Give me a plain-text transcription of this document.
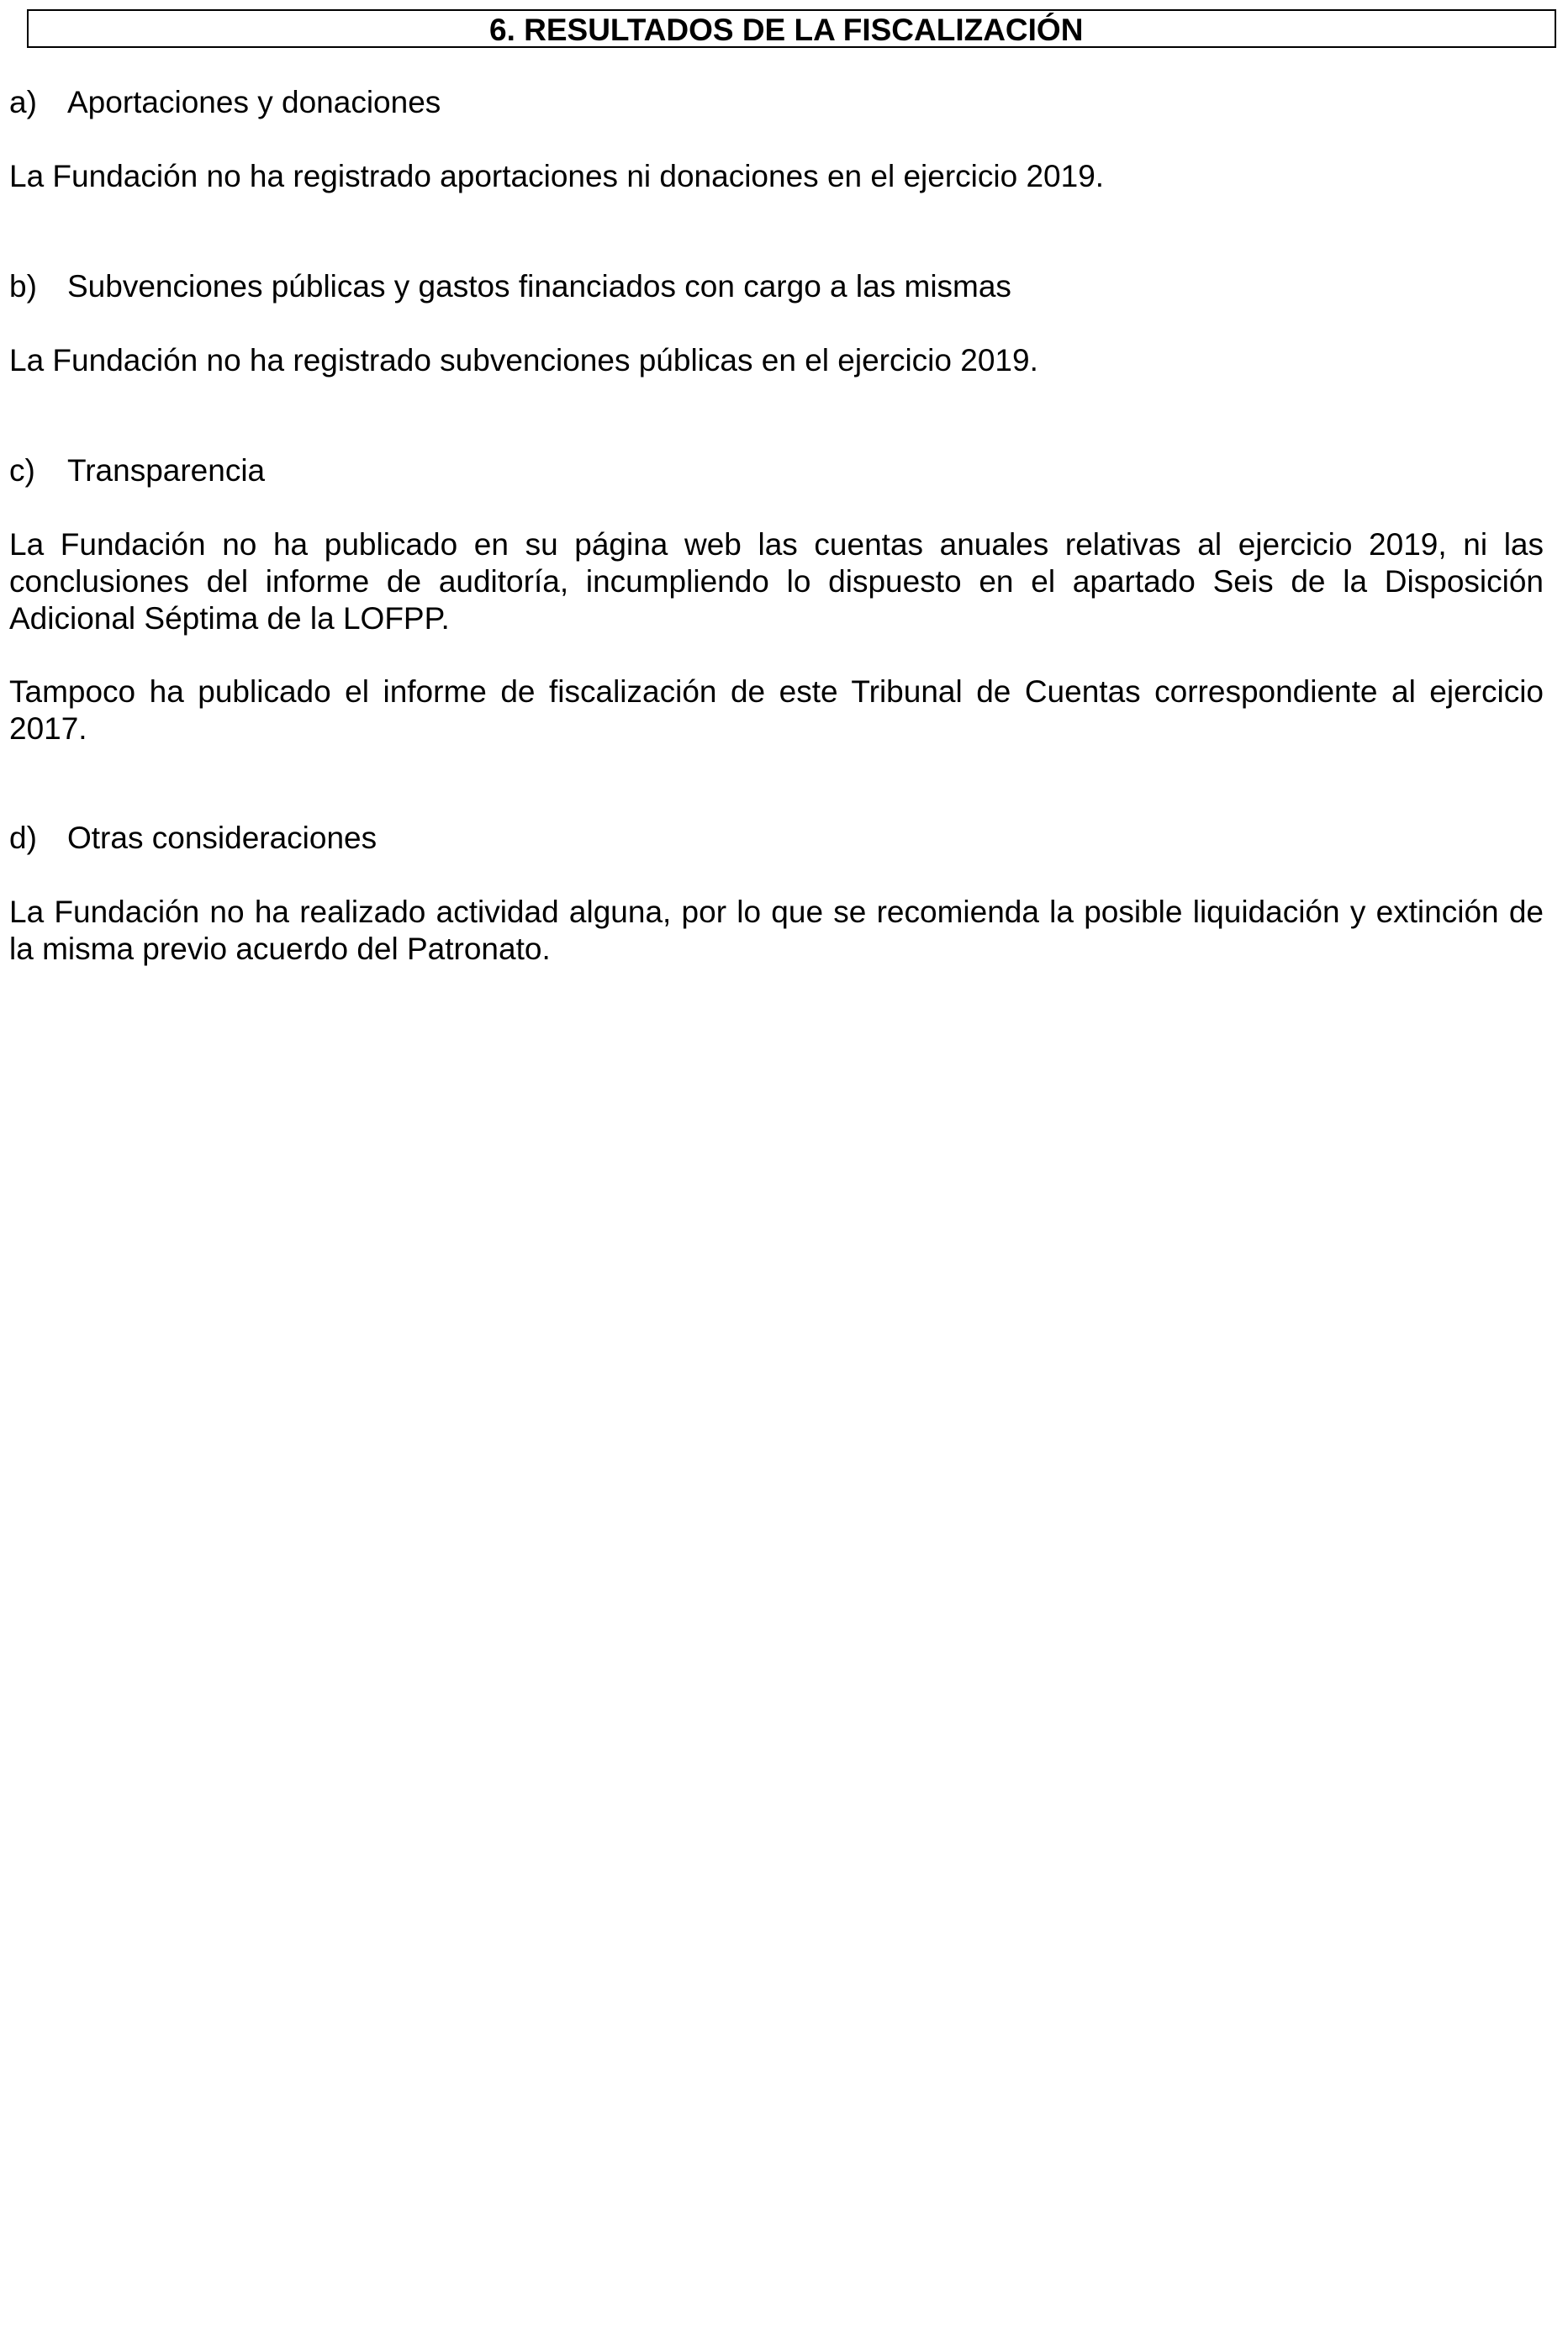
6. RESULTADOS DE LA FISCALIZACIÓN
a) Aportaciones y donaciones
La Fundación no ha registrado aportaciones ni donaciones en el ejercicio 2019.
b) Subvenciones públicas y gastos financiados con cargo a las mismas
La Fundación no ha registrado subvenciones públicas en el ejercicio 2019.
c) Transparencia
La Fundación no ha publicado en su página web las cuentas anuales relativas al ejercicio 2019, ni las conclusiones del informe de auditoría, incumpliendo lo dispuesto en el apartado Seis de la Disposición Adicional Séptima de la LOFPP.
Tampoco ha publicado el informe de fiscalización de este Tribunal de Cuentas correspondiente al ejercicio 2017.
d) Otras consideraciones
La Fundación no ha realizado actividad alguna, por lo que se recomienda la posible liquidación y extinción de la misma previo acuerdo del Patronato.
